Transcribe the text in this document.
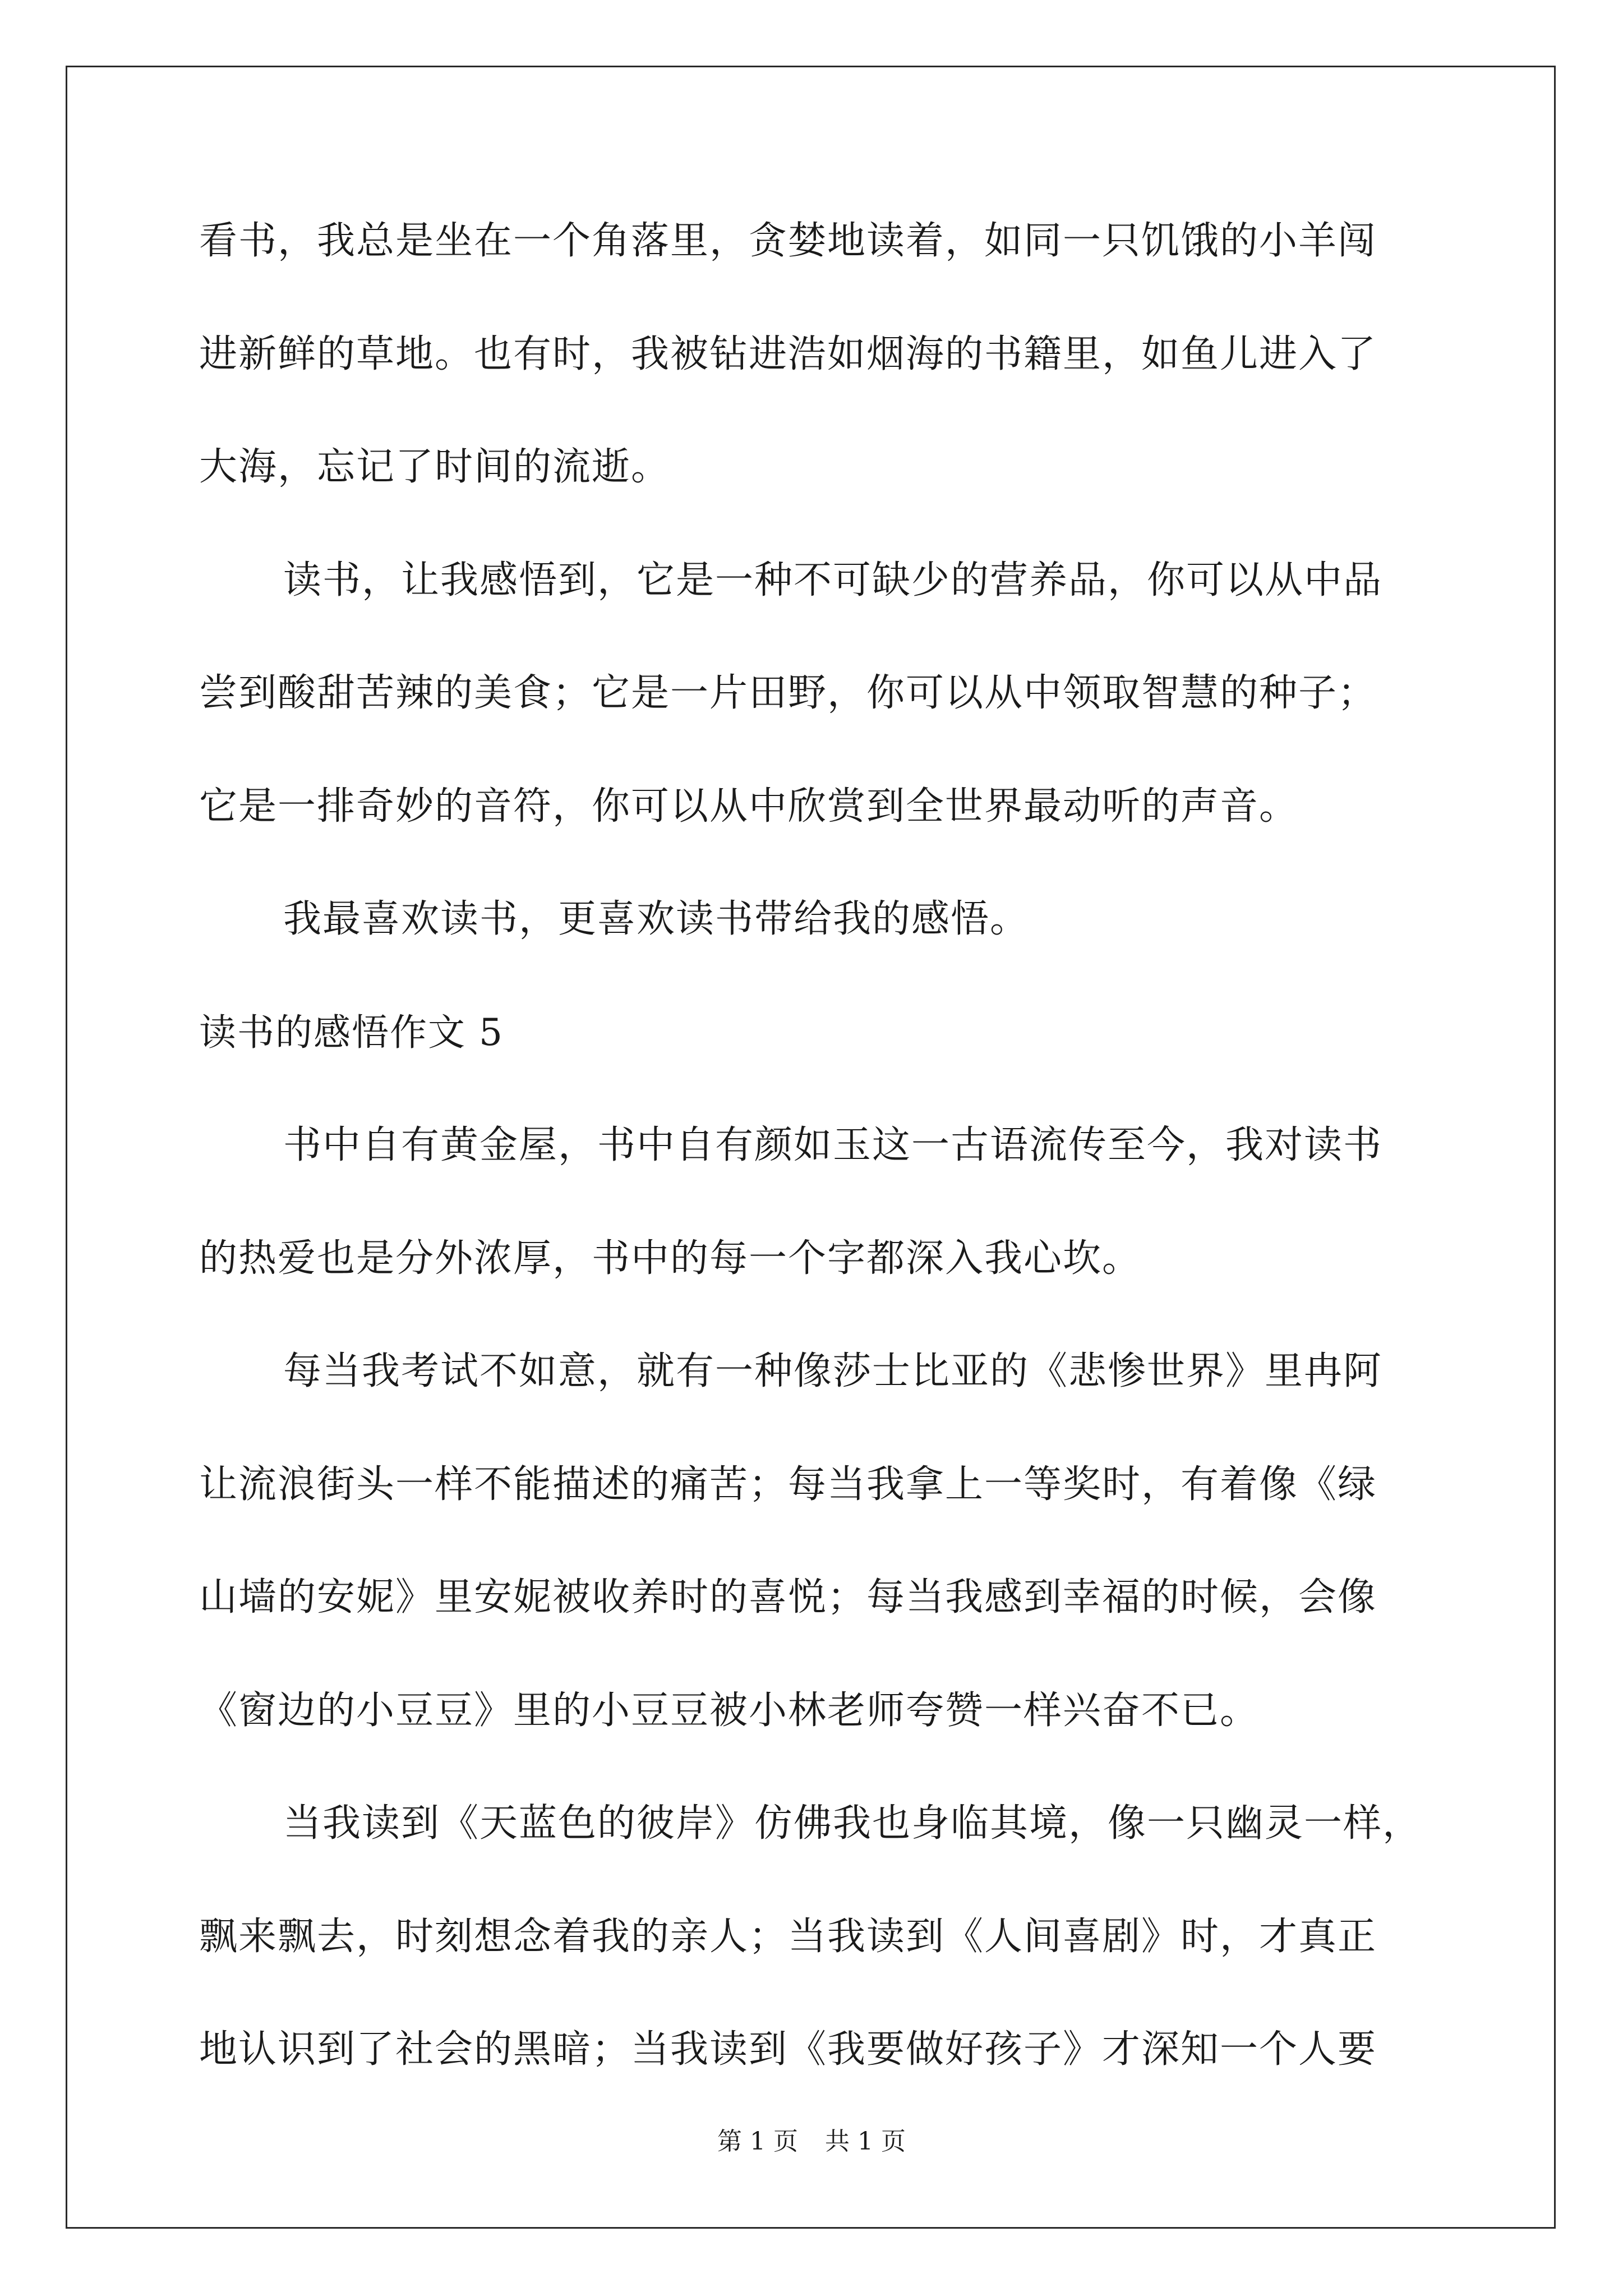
看书，我总是坐在一个角落里，贪婪地读着，如同一只饥饿的小羊闯
进新鲜的草地。也有时，我被钻进浩如烟海的书籍里，如鱼儿进入了
大海，忘记了时间的流逝。
读书，让我感悟到，它是一种不可缺少的营养品，你可以从中品
尝到酸甜苦辣的美食；它是一片田野，你可以从中领取智慧的种子；
它是一排奇妙的音符，你可以从中欣赏到全世界最动听的声音。
我最喜欢读书，更喜欢读书带给我的感悟。
读书的感悟作文 5
书中自有黄金屋，书中自有颜如玉这一古语流传至今，我对读书
的热爱也是分外浓厚，书中的每一个字都深入我心坎。
每当我考试不如意，就有一种像莎士比亚的《悲惨世界》里冉阿
让流浪街头一样不能描述的痛苦；每当我拿上一等奖时，有着像《绿
山墙的安妮》里安妮被收养时的喜悦；每当我感到幸福的时候，会像
《窗边的小豆豆》里的小豆豆被小林老师夸赞一样兴奋不已。
当我读到《天蓝色的彼岸》仿佛我也身临其境，像一只幽灵一样，
飘来飘去，时刻想念着我的亲人；当我读到《人间喜剧》时，才真正
地认识到了社会的黑暗；当我读到《我要做好孩子》才深知一个人要
第 1 页 共 1 页
